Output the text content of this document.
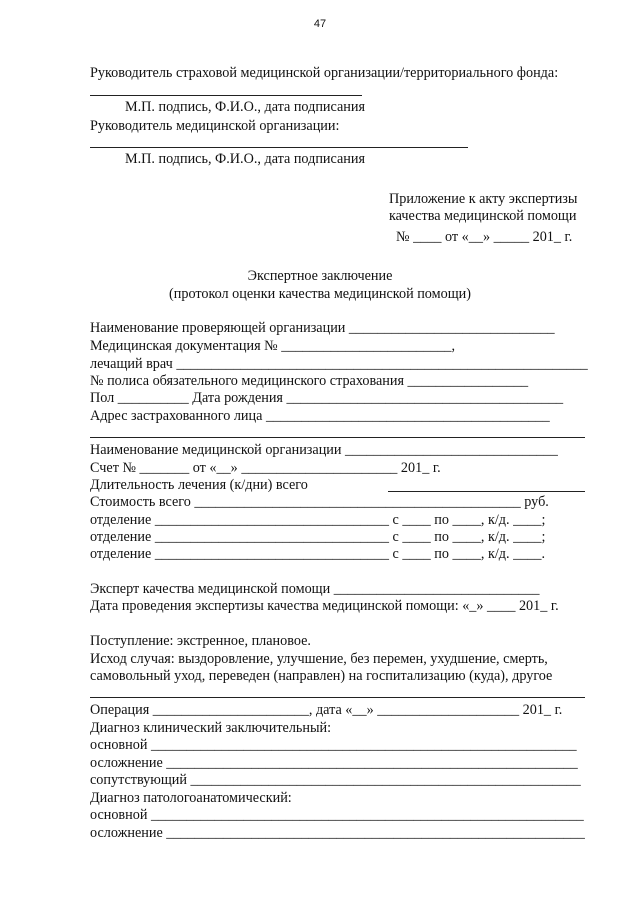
47
Руководитель страховой медицинской организации/территориального фонда:
М.П. подпись, Ф.И.О., дата подписания
Руководитель медицинской организации:
М.П. подпись, Ф.И.О., дата подписания
Приложение к акту экспертизы
качества медицинской помощи
№ ____ от «__» _____ 201_ г.
Экспертное заключение
(протокол оценки качества медицинской помощи)
Наименование проверяющей организации _____________________________
Медицинская документация № ________________________,
лечащий врач __________________________________________________________
№ полиса обязательного медицинского страхования _________________
Пол __________ Дата рождения _______________________________________
Адрес застрахованного лица ________________________________________
Наименование медицинской организации ______________________________
Счет № _______ от «__» ______________________ 201_ г.
Длительность лечения (к/дни) всего
Стоимость всего ______________________________________________ руб.
отделение _________________________________ с ____ по ____, к/д. ____;
отделение _________________________________ с ____ по ____, к/д. ____;
отделение _________________________________ с ____ по ____, к/д. ____.
Эксперт качества медицинской помощи _____________________________
Дата проведения экспертизы качества медицинской помощи: «_» ____ 201_ г.
Поступление: экстренное, плановое.
Исход случая: выздоровление, улучшение, без перемен, ухудшение, смерть,
самовольный уход, переведен (направлен) на госпитализацию (куда), другое
Операция ______________________, дата «__» ____________________ 201_ г.
Диагноз клинический заключительный:
основной ____________________________________________________________
осложнение __________________________________________________________
сопутствующий _______________________________________________________
Диагноз патологоанатомический:
основной _____________________________________________________________
осложнение ___________________________________________________________
